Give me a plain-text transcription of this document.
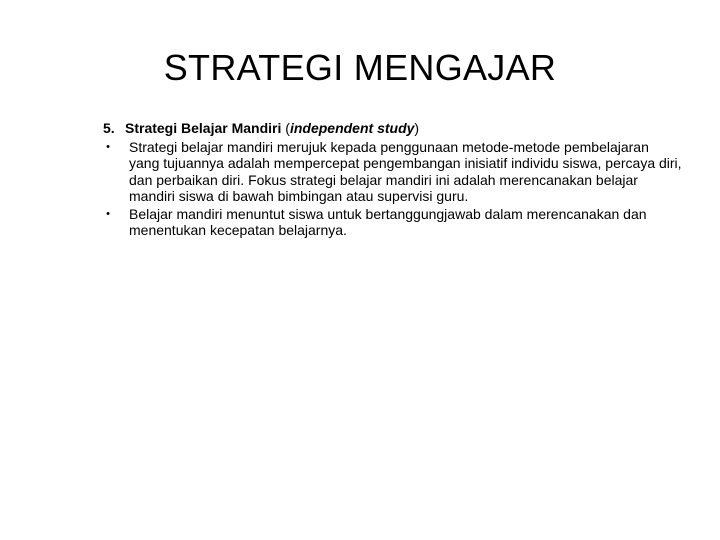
STRATEGI MENGAJAR
5. Strategi Belajar Mandiri (independent study)
• Strategi belajar mandiri merujuk kepada penggunaan metode-metode pembelajaran yang tujuannya adalah mempercepat pengembangan inisiatif individu siswa, percaya diri, dan perbaikan diri. Fokus strategi belajar mandiri ini adalah merencanakan belajar mandiri siswa di bawah bimbingan atau supervisi guru.
• Belajar mandiri menuntut siswa untuk bertanggungjawab dalam merencanakan dan menentukan kecepatan belajarnya.
